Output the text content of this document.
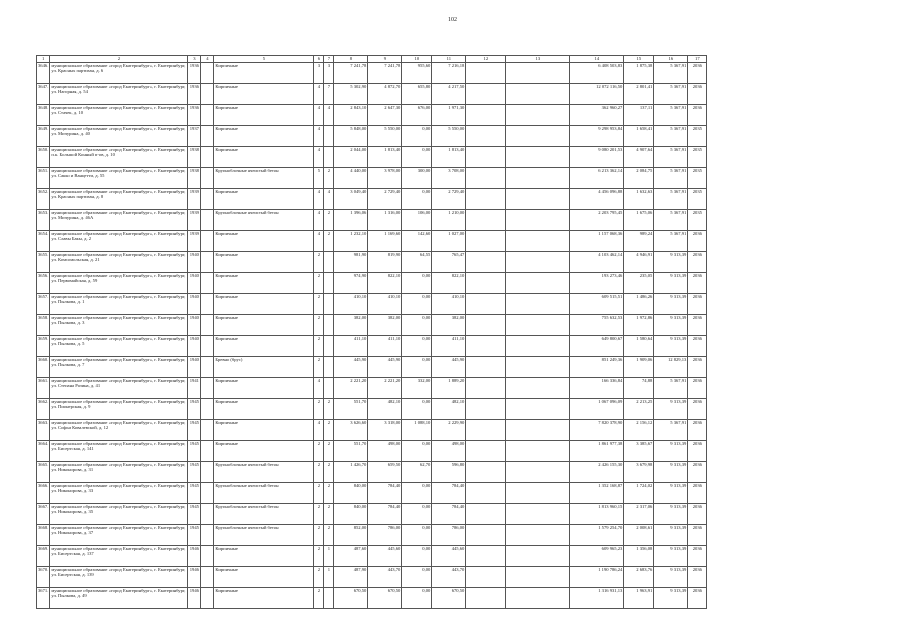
102
1	2	3	4	5	6	7	8	9	10	11	12	13	14	15	16	17
3646.	муниципальное образование «город Екатеринбург», г. Екатеринбург, ул. Красных партизан, д. 6	1936		Кирпичные	3	3	7 241,78	7 241,78	955,60	7 216,18			6 408 503,83	1 875,38	5 367,91	2036
3647.	муниципальное образование «город Екатеринбург», г. Екатеринбург, ул. Нагорная, д. 54	1936		Кирпичные	4	7	5 302,90	4 872,70	655,80	4 217,50			12 072 116,50	2 801,41	5 367,91	2036
3648.	муниципальное образование «город Екатеринбург», г. Екатеринбург, ул. Стачек, д. 10	1936		Кирпичные	4	4	2 843,10	2 647,30	676,00	1 971,30			362 960,27	137,11	5 367,91	2036
3649.	муниципальное образование «город Екатеринбург», г. Екатеринбург, ул. Мичурина, д. 40	1937		Кирпичные	4		5 848,00	5 550,00	0,00	5 550,00			9 298 953,84	1 658,41	5 367,91	2035
3650.	муниципальное образование «город Екатеринбург», г. Екатеринбург, п.к. Большой Конный п-ов, д. 10	1938		Кирпичные	4		2 044,00	1 813,40	0,00	1 813,40			9 080 201,53	4 907,64	5 367,91	2035
3651.	муниципальное образование «город Екатеринбург», г. Екатеринбург, ул. Сакко и Ванцетти, д. 55	1938		Крупноблочные ячеистый бетон	5	2	4 440,00	3 978,00	300,00	3 708,00			6 213 362,14	2 084,75	5 367,91	2035
3652.	муниципальное образование «город Екатеринбург», г. Екатеринбург, ул. Красных партизан, д. 8	1939		Кирпичные	4	4	3 049,40	2 729,40	0,00	2 729,40			4 456 096,88	1 632,63	5 367,91	2035
3653.	муниципальное образование «город Екатеринбург», г. Екатеринбург, ул. Мичурина, д. 46А	1939		Крупноблочные ячеистый бетон	4	2	1 396,06	1 316,00	106,00	1 210,00			2 203 795,45	1 675,06	5 367,91	2035
3654.	муниципальное образование «город Екатеринбург», г. Екатеринбург, ул. Славы Бакы, д. 2	1939		Кирпичные	4	2	1 232,10	1 169,60	142,60	1 027,00			1 157 068,36	989,24	5 367,91	2036
3655.	муниципальное образование «город Екатеринбург», г. Екатеринбург, ул. Комсомольская, д. 21	1940		Кирпичные	2		981,90	819,90	64,55	765,47			4 103 462,14	4 946,91	9 313,39	2036
3656.	муниципальное образование «город Екатеринбург», г. Екатеринбург, ул. Первомайская, д. 59	1940		Кирпичные	2		974,90	822,10	0,00	822,10			193 273,46	235,05	9 313,39	2036
3657.	муниципальное образование «город Екатеринбург», г. Екатеринбург, ул. Пылкова, д. 1	1940		Кирпичные	2		410,10	410,10	0,00	410,10			609 515,51	1 486,26	9 313,39	2036
3658.	муниципальное образование «город Екатеринбург», г. Екатеринбург, ул. Пылкова, д. 3	1940		Кирпичные	2		382,00	382,00	0,00	382,00			755 632,53	1 972,86	9 313,39	2036
3659.	муниципальное образование «город Екатеринбург», г. Екатеринбург, ул. Пылкова, д. 5	1940		Кирпичные	2		411,10	411,10	0,00	411,10			649 800,67	1 580,64	9 313,39	2036
3660.	муниципальное образование «город Екатеринбург», г. Екатеринбург, ул. Пылкова, д. 7	1940		Бревно (брус)	2		445,90	445,90	0,00	445,90			851 249,36	1 909,06	12 829,13	2036
3661.	муниципальное образование «город Екатеринбург», г. Екатеринбург, ул. Степана Разина, д. 41	1941		Кирпичные	4		2 221,20	2 221,20	332,00	1 889,20			166 336,84	74,88	5 367,91	2036
3662.	муниципальное образование «город Екатеринбург», г. Екатеринбург, ул. Пионерская, д. 9	1945		Кирпичные	2	2	551,70	482,10	0,00	482,10			1 067 096,09	2 213,25	9 313,39	2036
3663.	муниципальное образование «город Екатеринбург», г. Екатеринбург, ул. Софьи Ковалевской, д. 12	1945		Кирпичные	4	2	3 626,60	3 318,00	1 088,10	2 229,90			7 820 378,90	2 156,12	5 367,91	2036
3664.	муниципальное образование «город Екатеринбург», г. Екатеринбург, ул. Бисертская, д. 141	1945		Кирпичные	2	2	551,70	498,00	0,00	498,00			1 861 977,38	3 385,67	9 313,39	2036
3665.	муниципальное образование «город Екатеринбург», г. Екатеринбург, ул. Никонорова, д. 31	1945		Крупноблочные ячеистый бетон	2	2	1 426,70	659,50	62,70	596,80			2 426 155,30	3 679,98	9 313,39	2036
3666.	муниципальное образование «город Екатеринбург», г. Екатеринбург, ул. Никонорова, д. 33	1945		Крупноблочные ячеистый бетон	2	2	840,00	784,40	0,00	784,40			1 352 168,87	1 724,02	9 313,39	2036
3667.	муниципальное образование «город Екатеринбург», г. Екатеринбург, ул. Никонорова, д. 35	1945		Крупноблочные ячеистый бетон	2	2	840,00	784,40	0,00	784,40			1 813 960,15	2 317,06	9 313,39	2036
3668.	муниципальное образование «город Екатеринбург», г. Екатеринбург, ул. Никонорова, д. 37	1945		Крупноблочные ячеистый бетон	2	2	852,00	786,00	0,00	786,00			1 579 254,70	2 008,61	9 313,39	2036
3669.	муниципальное образование «город Екатеринбург», г. Екатеринбург, ул. Бисертская, д. 137	1946		Кирпичные	2	1	487,60	445,60	0,00	445,60			609 965,23	1 356,08	9 313,39	2036
3670.	муниципальное образование «город Екатеринбург», г. Екатеринбург, ул. Бисертская, д. 139	1946		Кирпичные	2	1	487,90	443,70	0,00	443,70			1 190 786,24	2 683,76	9 313,39	2036
3671.	муниципальное образование «город Екатеринбург», г. Екатеринбург, ул. Пылкова, д. 49	1946		Кирпичные	2		670,50	670,50	0,00	670,50			1 316 931,13	1 963,91	9 313,39	2036
